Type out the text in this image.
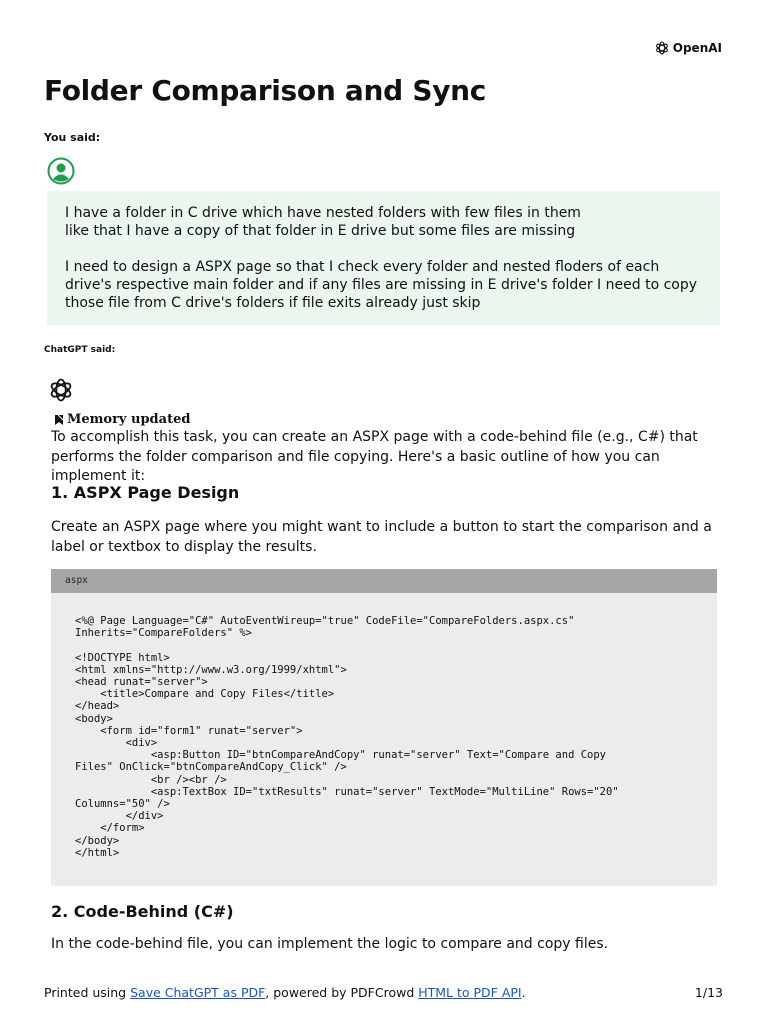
OpenAI
Folder Comparison and Sync
You said:

I have a folder in C drive which have nested folders with few files in them
like that I have a copy of that folder in E drive but some files are missing

I need to design a ASPX page so that I check every folder and nested floders of each drive's respective main folder and if any files are missing in E drive's folder I need to copy those file from C drive's folders if file exits already just skip

ChatGPT said:
Memory updated

To accomplish this task, you can create an ASPX page with a code-behind file (e.g., C#) that performs the folder comparison and file copying. Here's a basic outline of how you can implement it:

1. ASPX Page Design

Create an ASPX page where you might want to include a button to start the comparison and a label or textbox to display the results.

aspx
<%@ Page Language="C#" AutoEventWireup="true" CodeFile="CompareFolders.aspx.cs"
Inherits="CompareFolders" %>

<!DOCTYPE html>
<html xmlns="http://www.w3.org/1999/xhtml">
<head runat="server">
<title>Compare and Copy Files</title>
</head>
<body>
<form id="form1" runat="server">
<div>
<asp:Button ID="btnCompareAndCopy" runat="server" Text="Compare and Copy
Files" OnClick="btnCompareAndCopy_Click" />
<br /><br />
<asp:TextBox ID="txtResults" runat="server" TextMode="MultiLine" Rows="20"
Columns="50" />
</div>
</form>
</body>
</html>
2. Code-Behind (C#)

In the code-behind file, you can implement the logic to compare and copy files.

Printed using Save ChatGPT as PDF, powered by PDFCrowd HTML to PDF API.	1/13
